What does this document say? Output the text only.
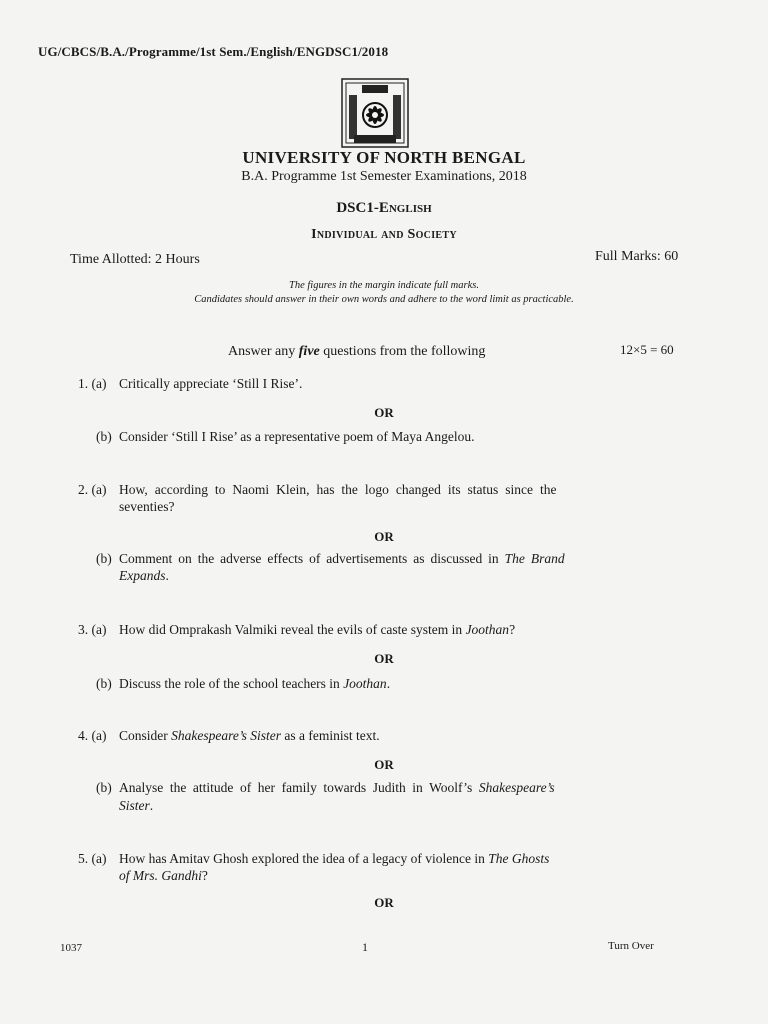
UG/CBCS/B.A./Programme/1st Sem./English/ENGDSC1/2018
UNIVERSITY OF NORTH BENGAL
B.A. Programme 1st Semester Examinations, 2018
DSC1-English
Individual and Society
Time Allotted: 2 Hours	Full Marks: 60
The figures in the margin indicate full marks.
Candidates should answer in their own words and adhere to the word limit as practicable.
Answer any five questions from the following	12×5 = 60
1. (a) Critically appreciate ‘Still I Rise’.
OR
(b) Consider ‘Still I Rise’ as a representative poem of Maya Angelou.
2. (a) How, according to Naomi Klein, has the logo changed its status since the
seventies?
OR
(b) Comment on the adverse effects of advertisements as discussed in The Brand
Expands.
3. (a) How did Omprakash Valmiki reveal the evils of caste system in Joothan?
OR
(b) Discuss the role of the school teachers in Joothan.
4. (a) Consider Shakespeare’s Sister as a feminist text.
OR
(b) Analyse the attitude of her family towards Judith in Woolf’s Shakespeare’s
Sister.
5. (a) How has Amitav Ghosh explored the idea of a legacy of violence in The Ghosts
of Mrs. Gandhi?
OR
1037	1	Turn Over
